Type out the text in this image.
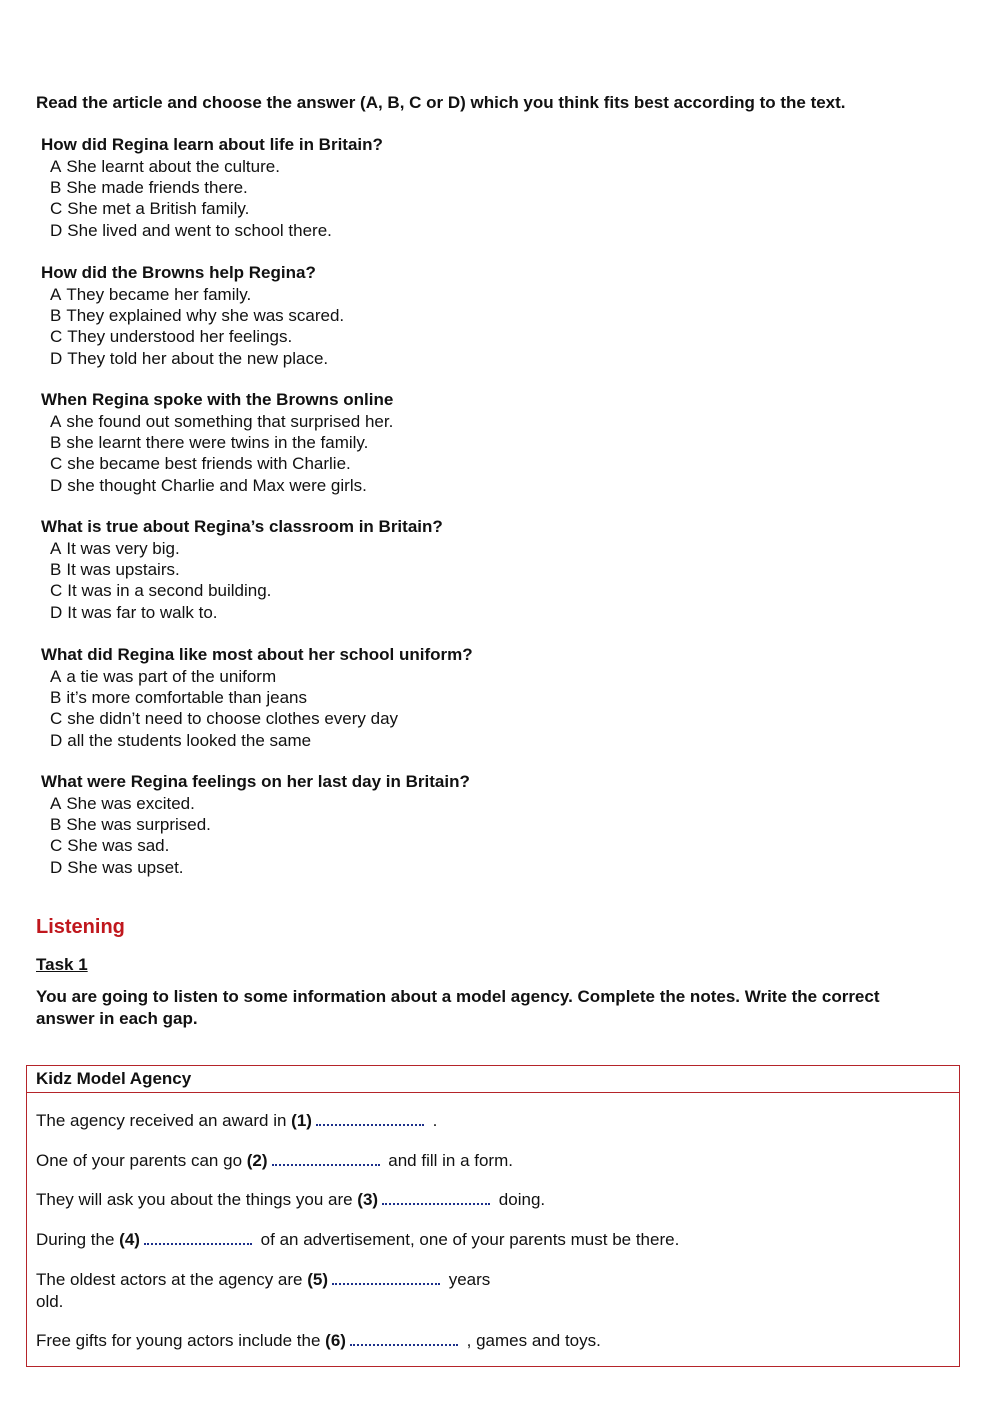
Read the article and choose the answer (A, B, C or D) which you think fits best according to the text.
How did Regina learn about life in Britain?
A She learnt about the culture.
B She made friends there.
C She met a British family.
D She lived and went to school there.
How did the Browns help Regina?
A They became her family.
B They explained why she was scared.
C They understood her feelings.
D They told her about the new place.
When Regina spoke with the Browns online
A she found out something that surprised her.
B she learnt there were twins in the family.
C she became best friends with Charlie.
D she thought Charlie and Max were girls.
What is true about Regina’s classroom in Britain?
A It was very big.
B It was upstairs.
C It was in a second building.
D It was far to walk to.
What did Regina like most about her school uniform?
A a tie was part of the uniform
B it’s more comfortable than jeans
C she didn’t need to choose clothes every day
D all the students looked the same
What were Regina feelings on her last day in Britain?
A She was excited.
B She was surprised.
C She was sad.
D She was upset.
Listening
Task 1
You are going to listen to some information about a model agency. Complete the notes. Write the correct answer in each gap.
Kidz Model Agency
The agency received an award in (1)	.
One of your parents can go (2)	and fill in a form.
They will ask you about the things you are (3)	doing.
During the (4)	of an advertisement, one of your parents must be there.
The oldest actors at the agency are (5)	years old.
Free gifts for young actors include the (6)	, games and toys.
